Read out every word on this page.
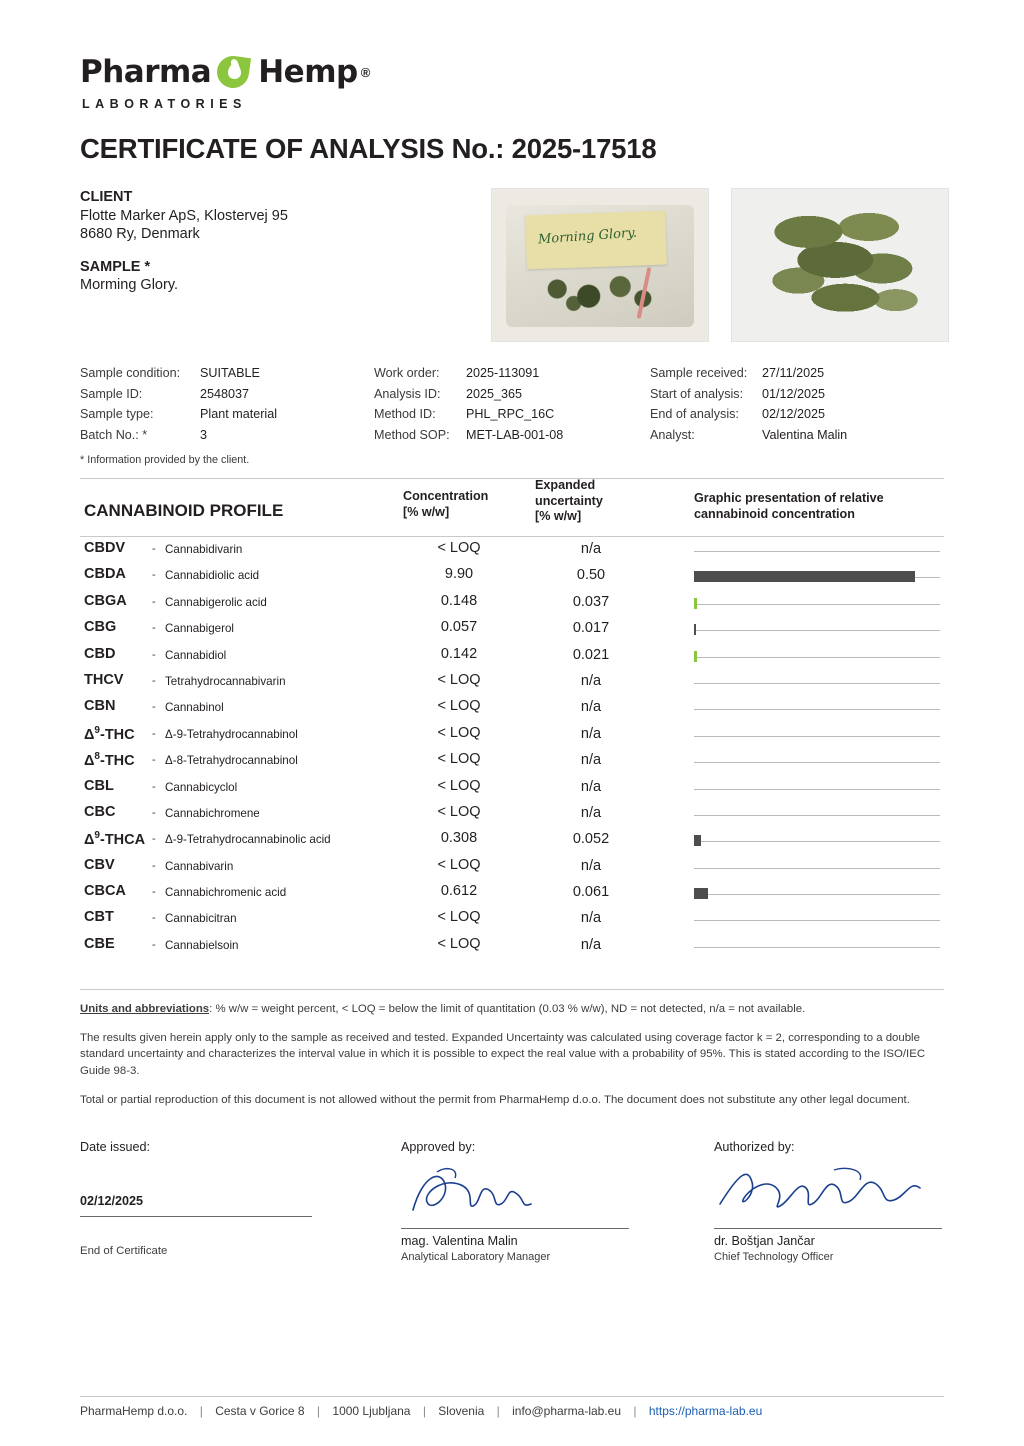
Pharma Hemp ®
LABORATORIES
CERTIFICATE OF ANALYSIS No.: 2025-17518
CLIENT
Flotte Marker ApS, Klostervej 95
8680 Ry, Denmark
SAMPLE *
Morming Glory.
Morning Glory.
Sample condition:	SUITABLE
Sample ID:	2548037
Sample type:	Plant material
Batch No.: *	3
Work order:	2025-113091
Analysis ID:	2025_365
Method ID:	PHL_RPC_16C
Method SOP:	MET-LAB-001-08
Sample received:	27/11/2025
Start of analysis:	01/12/2025
End of analysis:	02/12/2025
Analyst:	Valentina Malin
* Information provided by the client.
CANNABINOID PROFILE
Concentration
[% w/w]
Expanded
uncertainty
[% w/w]
Graphic presentation of relative
cannabinoid concentration
CBDV - Cannabidivarin	< LOQ	n/a
CBDA - Cannabidiolic acid	9.90	0.50
CBGA - Cannabigerolic acid	0.148	0.037
CBG	- Cannabigerol	0.057	0.017
CBD	- Cannabidiol	0.142	0.021
THCV	- Tetrahydrocannabivarin	< LOQ	n/a
CBN	- Cannabinol	< LOQ	n/a
$\Delta^9$-THC - Δ-9-Tetrahydrocannabinol	< LOQ	n/a
$\Delta^8$-THC - Δ-8-Tetrahydrocannabinol	< LOQ	n/a
CBL	- Cannabicyclol	< LOQ	n/a
CBC	- Cannabichromene	< LOQ	n/a
$\Delta^9$-THCA - Δ-9-Tetrahydrocannabinolic acid	0.308	0.052
CBV	- Cannabivarin	< LOQ	n/a
CBCA - Cannabichromenic acid	0.612	0.061
CBT	- Cannabicitran	< LOQ	n/a
CBE	- Cannabielsoin	< LOQ	n/a

Units and abbreviations: % w/w = weight percent, < LOQ = below the limit of quantitation (0.03 % w/w), ND = not detected, n/a = not available.

The results given herein apply only to the sample as received and tested. Expanded Uncertainty was calculated using coverage factor k = 2, corresponding to a double standard uncertainty and characterizes the interval value in which it is possible to expect the real value with a probability of 95%. This is stated according to the ISO/IEC Guide 98-3.

Total or partial reproduction of this document is not allowed without the permit from PharmaHemp d.o.o. The document does not substitute any other legal document.

Date issued:
02/12/2025
Approved by:
mag. Valentina Malin
Analytical Laboratory Manager
Authorized by:
dr. Boštjan Jančar
Chief Technology Officer
End of Certificate
PharmaHemp d.o.o. | Cesta v Gorice 8 | 1000 Ljubljana | Slovenia | info@pharma-lab.eu | https://pharma-lab.eu
